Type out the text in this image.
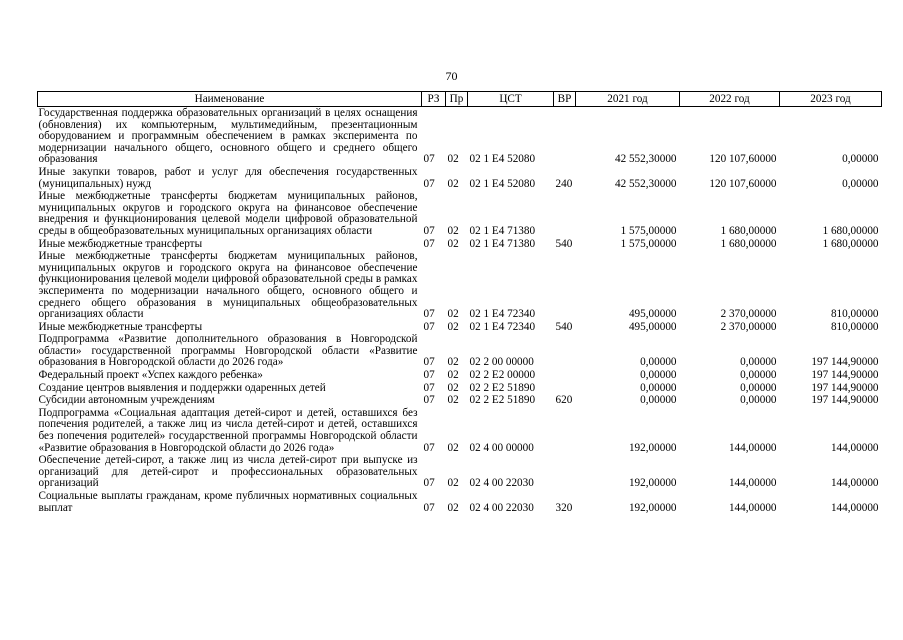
70
Наименование	РЗ	Пр	ЦСТ	ВР	2021 год	2022 год	2023 год
Государственная поддержка образовательных организаций в целях оснащения (обновления) их компьютерным, мультимедийным, презентационным оборудованием и программным обеспечением в рамках эксперимента по модернизации начального общего, основного общего и среднего общего образования	07	02	02 1 E4 52080		42 552,30000	120 107,60000	0,00000
Иные закупки товаров, работ и услуг для обеспечения государственных (муниципальных) нужд	07	02	02 1 E4 52080	240	42 552,30000	120 107,60000	0,00000
Иные межбюджетные трансферты бюджетам муниципальных районов, муниципальных округов и городского округа на финансовое обеспечение внедрения и функционирования целевой модели цифровой образовательной среды в общеобразовательных муниципальных организациях области	07	02	02 1 E4 71380		1 575,00000	1 680,00000	1 680,00000
Иные межбюджетные трансферты	07	02	02 1 E4 71380	540	1 575,00000	1 680,00000	1 680,00000
Иные межбюджетные трансферты бюджетам муниципальных районов, муниципальных округов и городского округа на финансовое обеспечение функционирования целевой модели цифровой образовательной среды в рамках эксперимента по модернизации начального общего, основного общего и среднего общего образования в муниципальных общеобразовательных организациях области	07	02	02 1 E4 72340		495,00000	2 370,00000	810,00000
Иные межбюджетные трансферты	07	02	02 1 E4 72340	540	495,00000	2 370,00000	810,00000
Подпрограмма «Развитие дополнительного образования в Новгородской области» государственной программы Новгородской области «Развитие образования в Новгородской области до 2026 года»	07	02	02 2 00 00000		0,00000	0,00000	197 144,90000
Федеральный проект «Успех каждого ребенка»	07	02	02 2 E2 00000		0,00000	0,00000	197 144,90000
Создание центров выявления и поддержки одаренных детей	07	02	02 2 E2 51890		0,00000	0,00000	197 144,90000
Субсидии автономным учреждениям	07	02	02 2 E2 51890	620	0,00000	0,00000	197 144,90000
Подпрограмма «Социальная адаптация детей-сирот и детей, оставшихся без попечения родителей, а также лиц из числа детей-сирот и детей, оставшихся без попечения родителей» государственной программы Новгородской области «Развитие образования в Новгородской области до 2026 года»	07	02	02 4 00 00000		192,00000	144,00000	144,00000
Обеспечение детей-сирот, а также лиц из числа детей-сирот при выпуске из организаций для детей-сирот и профессиональных образовательных организаций	07	02	02 4 00 22030		192,00000	144,00000	144,00000
Социальные выплаты гражданам, кроме публичных нормативных социальных выплат	07	02	02 4 00 22030	320	192,00000	144,00000	144,00000
